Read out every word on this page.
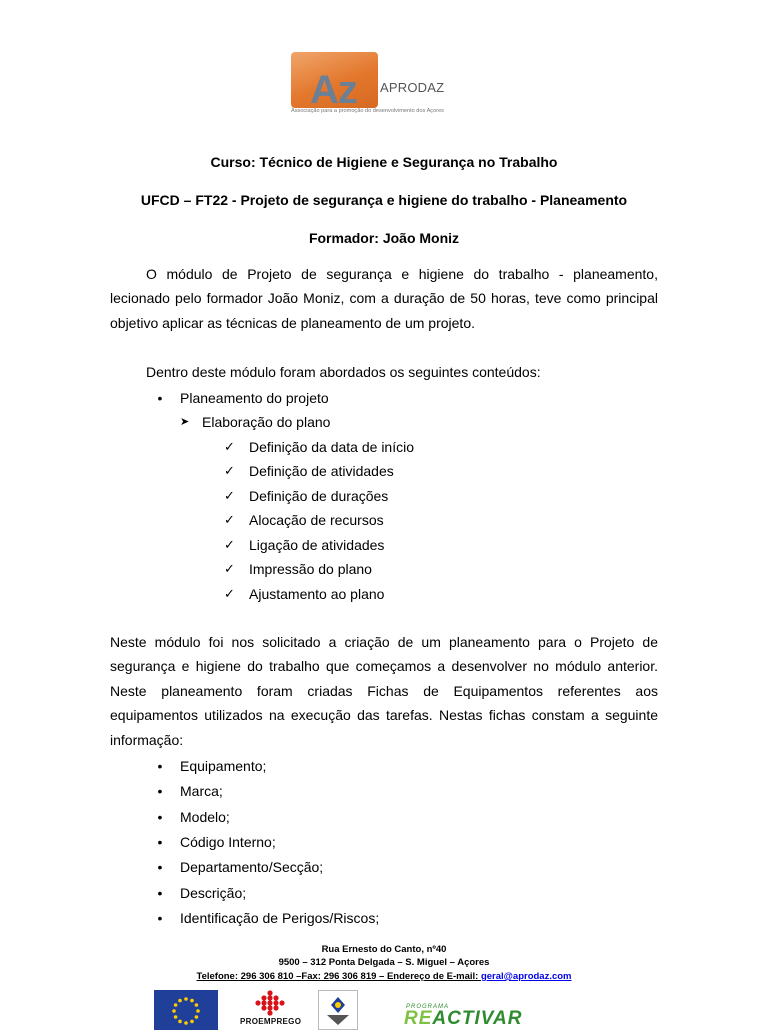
Az APRODAZ
Associação para a promoção do desenvolvimento dos Açores
Curso: Técnico de Higiene e Segurança no Trabalho
UFCD – FT22 - Projeto de segurança e higiene do trabalho - Planeamento
Formador: João Moniz
O módulo de Projeto de segurança e higiene do trabalho - planeamento,
lecionado pelo formador João Moniz, com a duração de 50 horas, teve como principal
objetivo aplicar as técnicas de planeamento de um projeto.
Dentro deste módulo foram abordados os seguintes conteúdos:
• Planeamento do projeto
➤ Elaboração do plano
✓ Definição da data de início
✓ Definição de atividades
✓ Definição de durações
✓ Alocação de recursos
✓ Ligação de atividades
✓ Impressão do plano
✓ Ajustamento ao plano
Neste módulo foi nos solicitado a criação de um planeamento para o Projeto de
segurança e higiene do trabalho que começamos a desenvolver no módulo anterior.
Neste planeamento foram criadas Fichas de Equipamentos referentes aos
equipamentos utilizados na execução das tarefas. Nestas fichas constam a seguinte
informação:
• Equipamento;
• Marca;
• Modelo;
• Código Interno;
• Departamento/Secção;
• Descrição;
• Identificação de Perigos/Riscos;
Rua Ernesto do Canto, nº40
9500 – 312 Ponta Delgada – S. Miguel – Açores
Telefone: 296 306 810 –Fax: 296 306 819 – Endereço de E-mail: geral@aprodaz.com
PROEMPREGO
PROGRAMA
REACTIVAR
